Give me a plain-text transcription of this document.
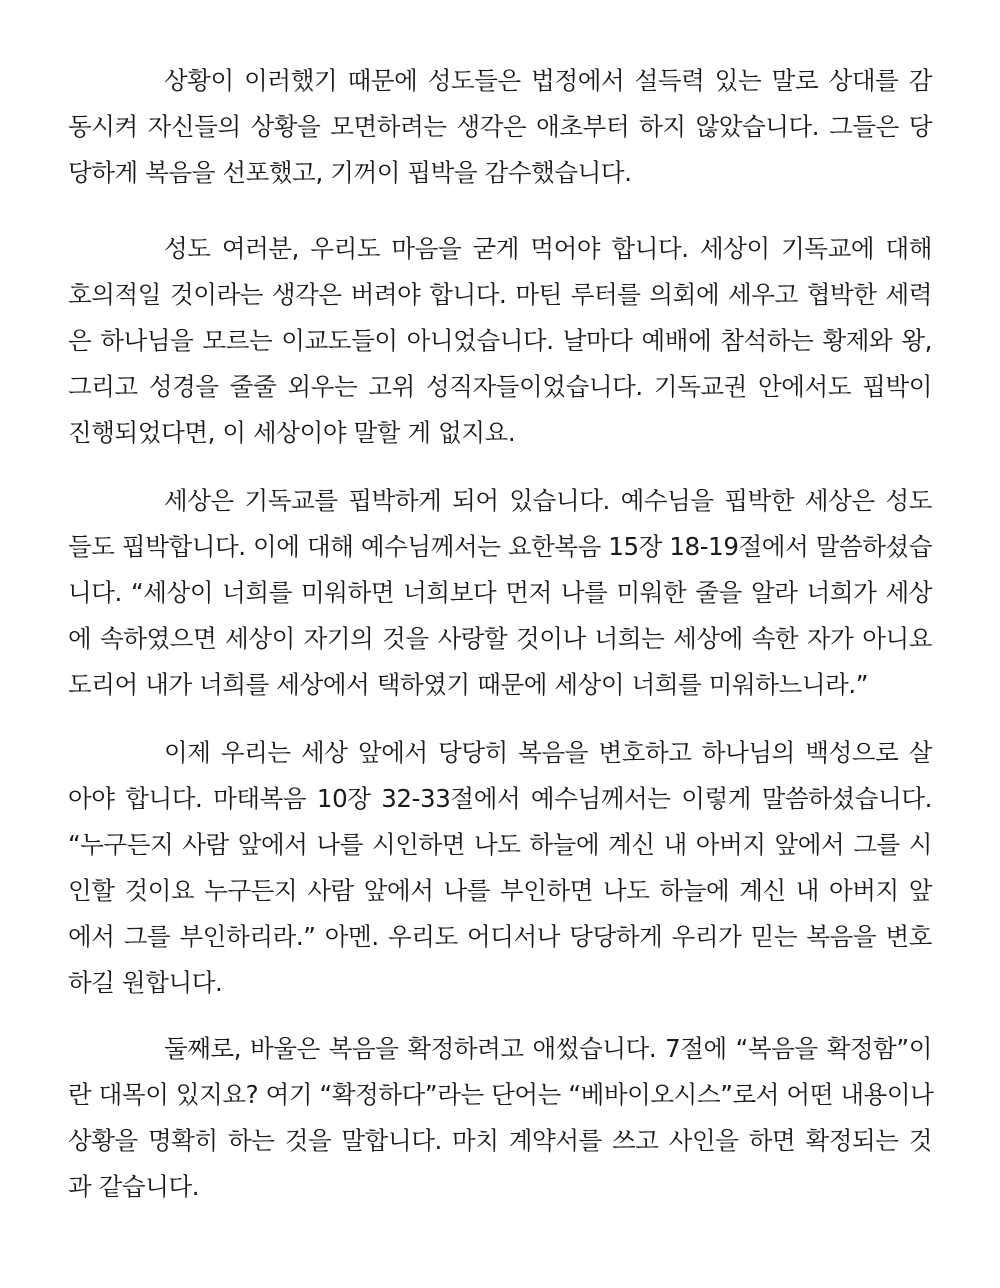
상황이 이러했기 때문에 성도들은 법정에서 설득력 있는 말로 상대를 감
동시켜 자신들의 상황을 모면하려는 생각은 애초부터 하지 않았습니다. 그들은 당
당하게 복음을 선포했고, 기꺼이 핍박을 감수했습니다.
성도 여러분, 우리도 마음을 굳게 먹어야 합니다. 세상이 기독교에 대해
호의적일 것이라는 생각은 버려야 합니다. 마틴 루터를 의회에 세우고 협박한 세력
은 하나님을 모르는 이교도들이 아니었습니다. 날마다 예배에 참석하는 황제와 왕,
그리고 성경을 줄줄 외우는 고위 성직자들이었습니다. 기독교권 안에서도 핍박이
진행되었다면, 이 세상이야 말할 게 없지요.
세상은 기독교를 핍박하게 되어 있습니다. 예수님을 핍박한 세상은 성도
들도 핍박합니다. 이에 대해 예수님께서는 요한복음 15장 18-19절에서 말씀하셨습
니다. “세상이 너희를 미워하면 너희보다 먼저 나를 미워한 줄을 알라 너희가 세상
에 속하였으면 세상이 자기의 것을 사랑할 것이나 너희는 세상에 속한 자가 아니요
도리어 내가 너희를 세상에서 택하였기 때문에 세상이 너희를 미워하느니라.”
이제 우리는 세상 앞에서 당당히 복음을 변호하고 하나님의 백성으로 살
아야 합니다. 마태복음 10장 32-33절에서 예수님께서는 이렇게 말씀하셨습니다.
“누구든지 사람 앞에서 나를 시인하면 나도 하늘에 계신 내 아버지 앞에서 그를 시
인할 것이요 누구든지 사람 앞에서 나를 부인하면 나도 하늘에 계신 내 아버지 앞
에서 그를 부인하리라.” 아멘. 우리도 어디서나 당당하게 우리가 믿는 복음을 변호
하길 원합니다.
둘째로, 바울은 복음을 확정하려고 애썼습니다. 7절에 “복음을 확정함”이
란 대목이 있지요? 여기 “확정하다”라는 단어는 “베바이오시스”로서 어떤 내용이나
상황을 명확히 하는 것을 말합니다. 마치 계약서를 쓰고 사인을 하면 확정되는 것
과 같습니다.
